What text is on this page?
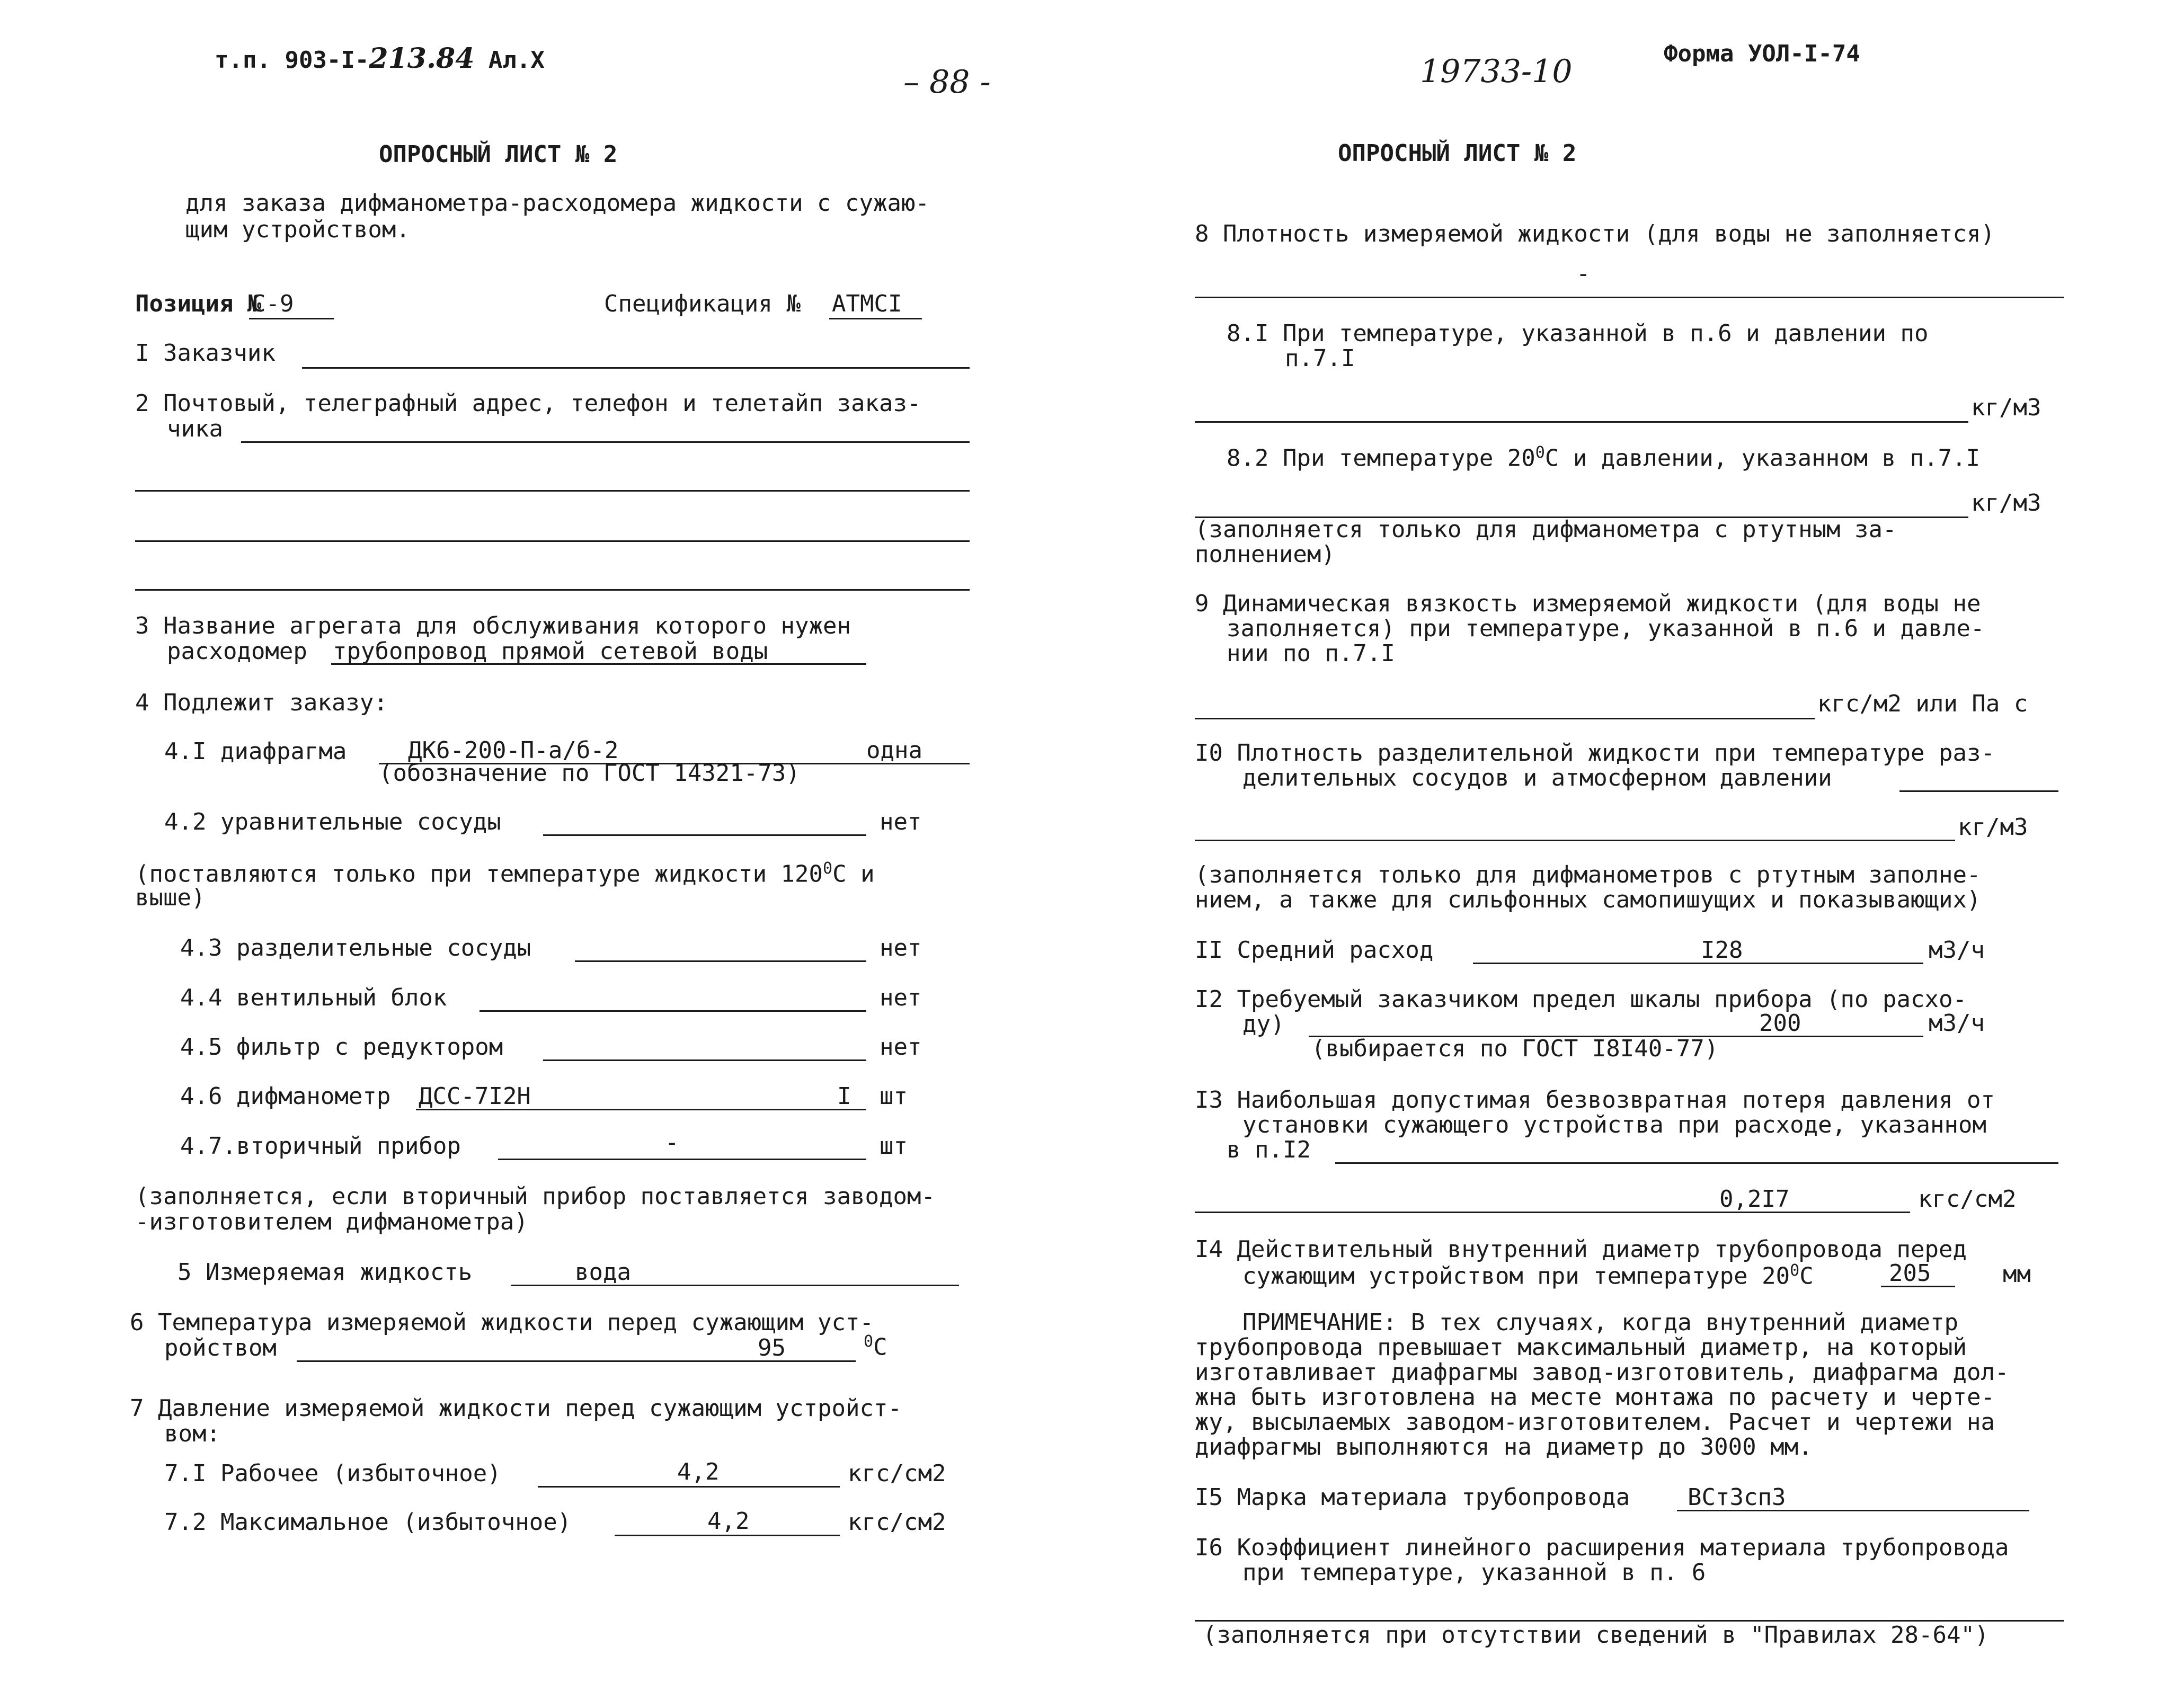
т.п. 903-I-213.84 Ал.X
– 88 -
ОПРОСНЫЙ ЛИСТ № 2
для заказа дифманометра-расходомера жидкости с сужаю-
щим устройством.
Позиция №
С-9	Спецификация № АТМСI
I Заказчик
2 Почтовый, телеграфный адрес, телефон и телетайп заказ-
чика
3 Название агрегата для обслуживания которого нужен
расходомер трубопровод прямой сетевой воды
4 Подлежит заказу:
4.I диафрагма	ДК6-200-П-а/б-2	одна
(обозначение по ГОСТ 14321-73)
4.2 уравнительные сосуды	нет
(поставляются только при температуре жидкости $120^0С$ и
выше)
4.3 разделительные сосуды	нет
4.4 вентильный блок	нет
4.5 фильтр с редуктором	нет
4.6 дифманометр ДСС-7I2Н	I шт
4.7.вторичный прибор	-	шт
(заполняется, если вторичный прибор поставляется заводом-
-изготовителем дифманометра)
5 Измеряемая жидкость	вода
6 Температура измеряемой жидкости перед сужающим уст-
ройством	95	$^0$С
7 Давление измеряемой жидкости перед сужающим устройст-
вом:
7.I Рабочее (избыточное)	4,2	кгс/см2
7.2 Максимальное (избыточное)	4,2	кгс/см2
19733-10	Форма УОЛ-I-74
ОПРОСНЫЙ ЛИСТ № 2
8 Плотность измеряемой жидкости (для воды не заполняется)
-
8.I При температуре, указанной в п.6 и давлении по
п.7.I
кг/м3
8.2 При температуре $20^0С$ и давлении, указанном в п.7.I
кг/м3
(заполняется только для дифманометра с ртутным за-
полнением)
9 Динамическая вязкость измеряемой жидкости (для воды не
заполняется) при температуре, указанной в п.6 и давле-
нии по п.7.I
кгс/м2 или Па с
I0 Плотность разделительной жидкости при температуре раз-
делительных сосудов и атмосферном давлении
кг/м3
(заполняется только для дифманометров с ртутным заполне-
нием, а также для сильфонных самопишущих и показывающих)
II Средний расход	I28	м3/ч
I2 Требуемый заказчиком предел шкалы прибора (по расхо-
ду)	200	м3/ч
(выбирается по ГОСТ I8I40-77)
I3 Наибольшая допустимая безвозвратная потеря давления от
установки сужающего устройства при расходе, указанном
в п.I2
0,2I7	кгс/см2
I4 Действительный внутренний диаметр трубопровода перед
сужающим устройством при температуре $20^0С$	205	мм
ПРИМЕЧАНИЕ: В тех случаях, когда внутренний диаметр
трубопровода превышает максимальный диаметр, на который
изготавливает диафрагмы завод-изготовитель, диафрагма дол-
жна быть изготовлена на месте монтажа по расчету и черте-
жу, высылаемых заводом-изготовителем. Расчет и чертежи на
диафрагмы выполняются на диаметр до 3000 мм.
I5 Марка материала трубопровода ВСт3сп3
I6 Коэффициент линейного расширения материала трубопровода
при температуре, указанной в п. 6
(заполняется при отсутствии сведений в "Правилах 28-64")
